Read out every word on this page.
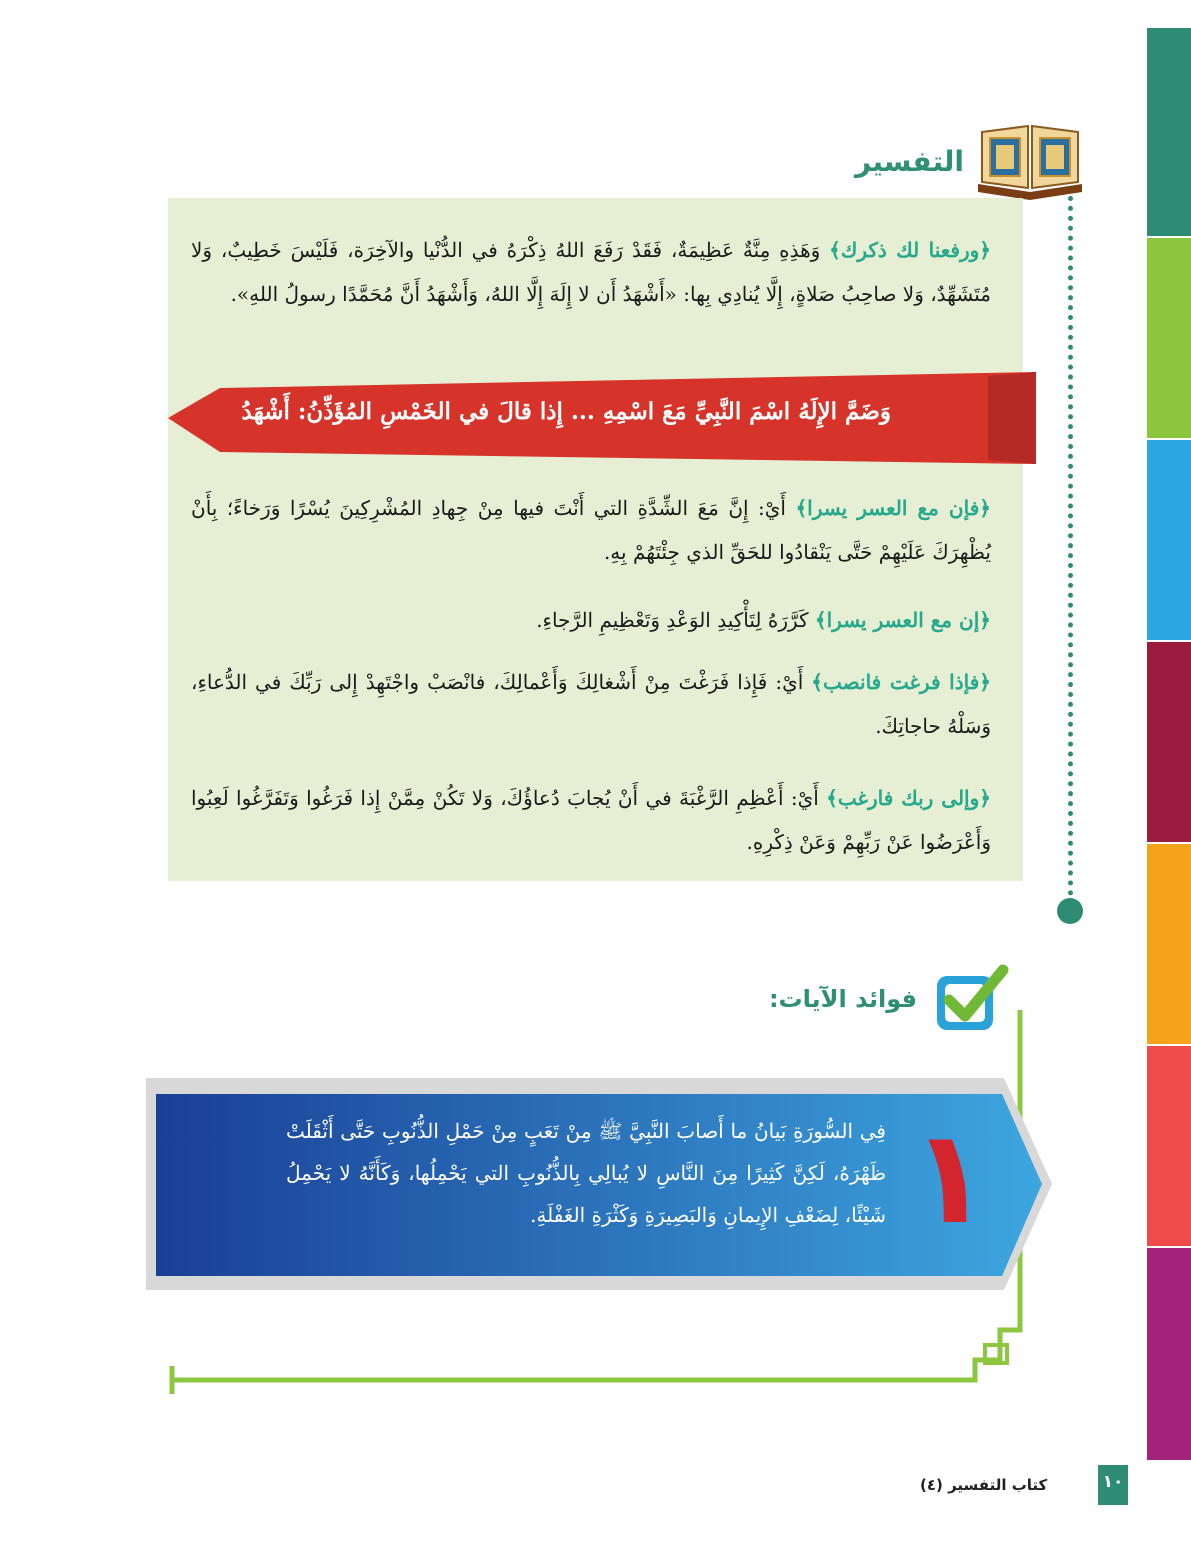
التفسير
﴿ورفعنا لك ذكرك﴾ وَهَذِهِ مِنَّةٌ عَظِيمَةٌ، فَقَدْ رَفَعَ اللهُ ذِكْرَهُ في الدُّنْيا والآخِرَة، فَلَيْسَ خَطِيبٌ، وَلا مُتَشَهِّدٌ، وَلا صاحِبُ صَلاةٍ، إِلَّا يُنادِي بِها: «أَشْهَدُ أَن لا إِلَهَ إِلَّا اللهُ، وَأَشْهَدُ أَنَّ مُحَمَّدًا رسولُ اللهِ».
وَضَمَّ الإِلَهُ اسْمَ النَّبِيِّ مَعَ اسْمِهِ ... إِذا قالَ في الخَمْسِ المُؤَذِّنُ: أَشْهَدُ
﴿فإن مع العسر يسرا﴾ أَيْ: إِنَّ مَعَ الشِّدَّةِ التي أَنْتَ فيها مِنْ جِهادِ المُشْرِكِينَ يُسْرًا وَرَخاءً؛ بِأَنْ يُظْهِرَكَ عَلَيْهِمْ حَتَّى يَنْقادُوا للحَقِّ الذي جِئْتَهُمْ بِهِ.
﴿إن مع العسر يسرا﴾ كَرَّرَهُ لِتَأْكِيدِ الوَعْدِ وَتَعْظِيمِ الرَّجاءِ.
﴿فإذا فرغت فانصب﴾ أَيْ: فَإِذا فَرَغْتَ مِنْ أَشْغالِكَ وَأَعْمالِكَ، فانْصَبْ واجْتَهِدْ إِلى رَبِّكَ في الدُّعاءِ، وَسَلْهُ حاجاتِكَ.
﴿وإلى ربك فارغب﴾ أَيْ: أَعْظِمِ الرَّغْبَةَ في أَنْ يُجابَ دُعاؤُكَ، وَلا تَكُنْ مِمَّنْ إِذا فَرَغُوا وَتَفَرَّغُوا لَعِبُوا وَأَعْرَضُوا عَنْ رَبِّهِمْ وَعَنْ ذِكْرِهِ.
فوائد الآيات:
١
فِي السُّورَةِ بَيانُ ما أَصابَ النَّبِيَّ ﷺ مِنْ تَعَبٍ مِنْ حَمْلِ الذُّنُوبِ حَتَّى أَثْقَلَتْ ظَهْرَهُ، لَكِنَّ كَثِيرًا مِنَ النَّاسِ لا يُبالِي بِالذُّنُوبِ التي يَحْمِلُها، وَكَأَنَّهُ لا يَحْمِلُ شَيْئًا، لِضَعْفِ الإِيمانِ وَالبَصِيرَةِ وَكَثْرَةِ الغَفْلَةِ.
١٠
كتاب التفسير (٤)
